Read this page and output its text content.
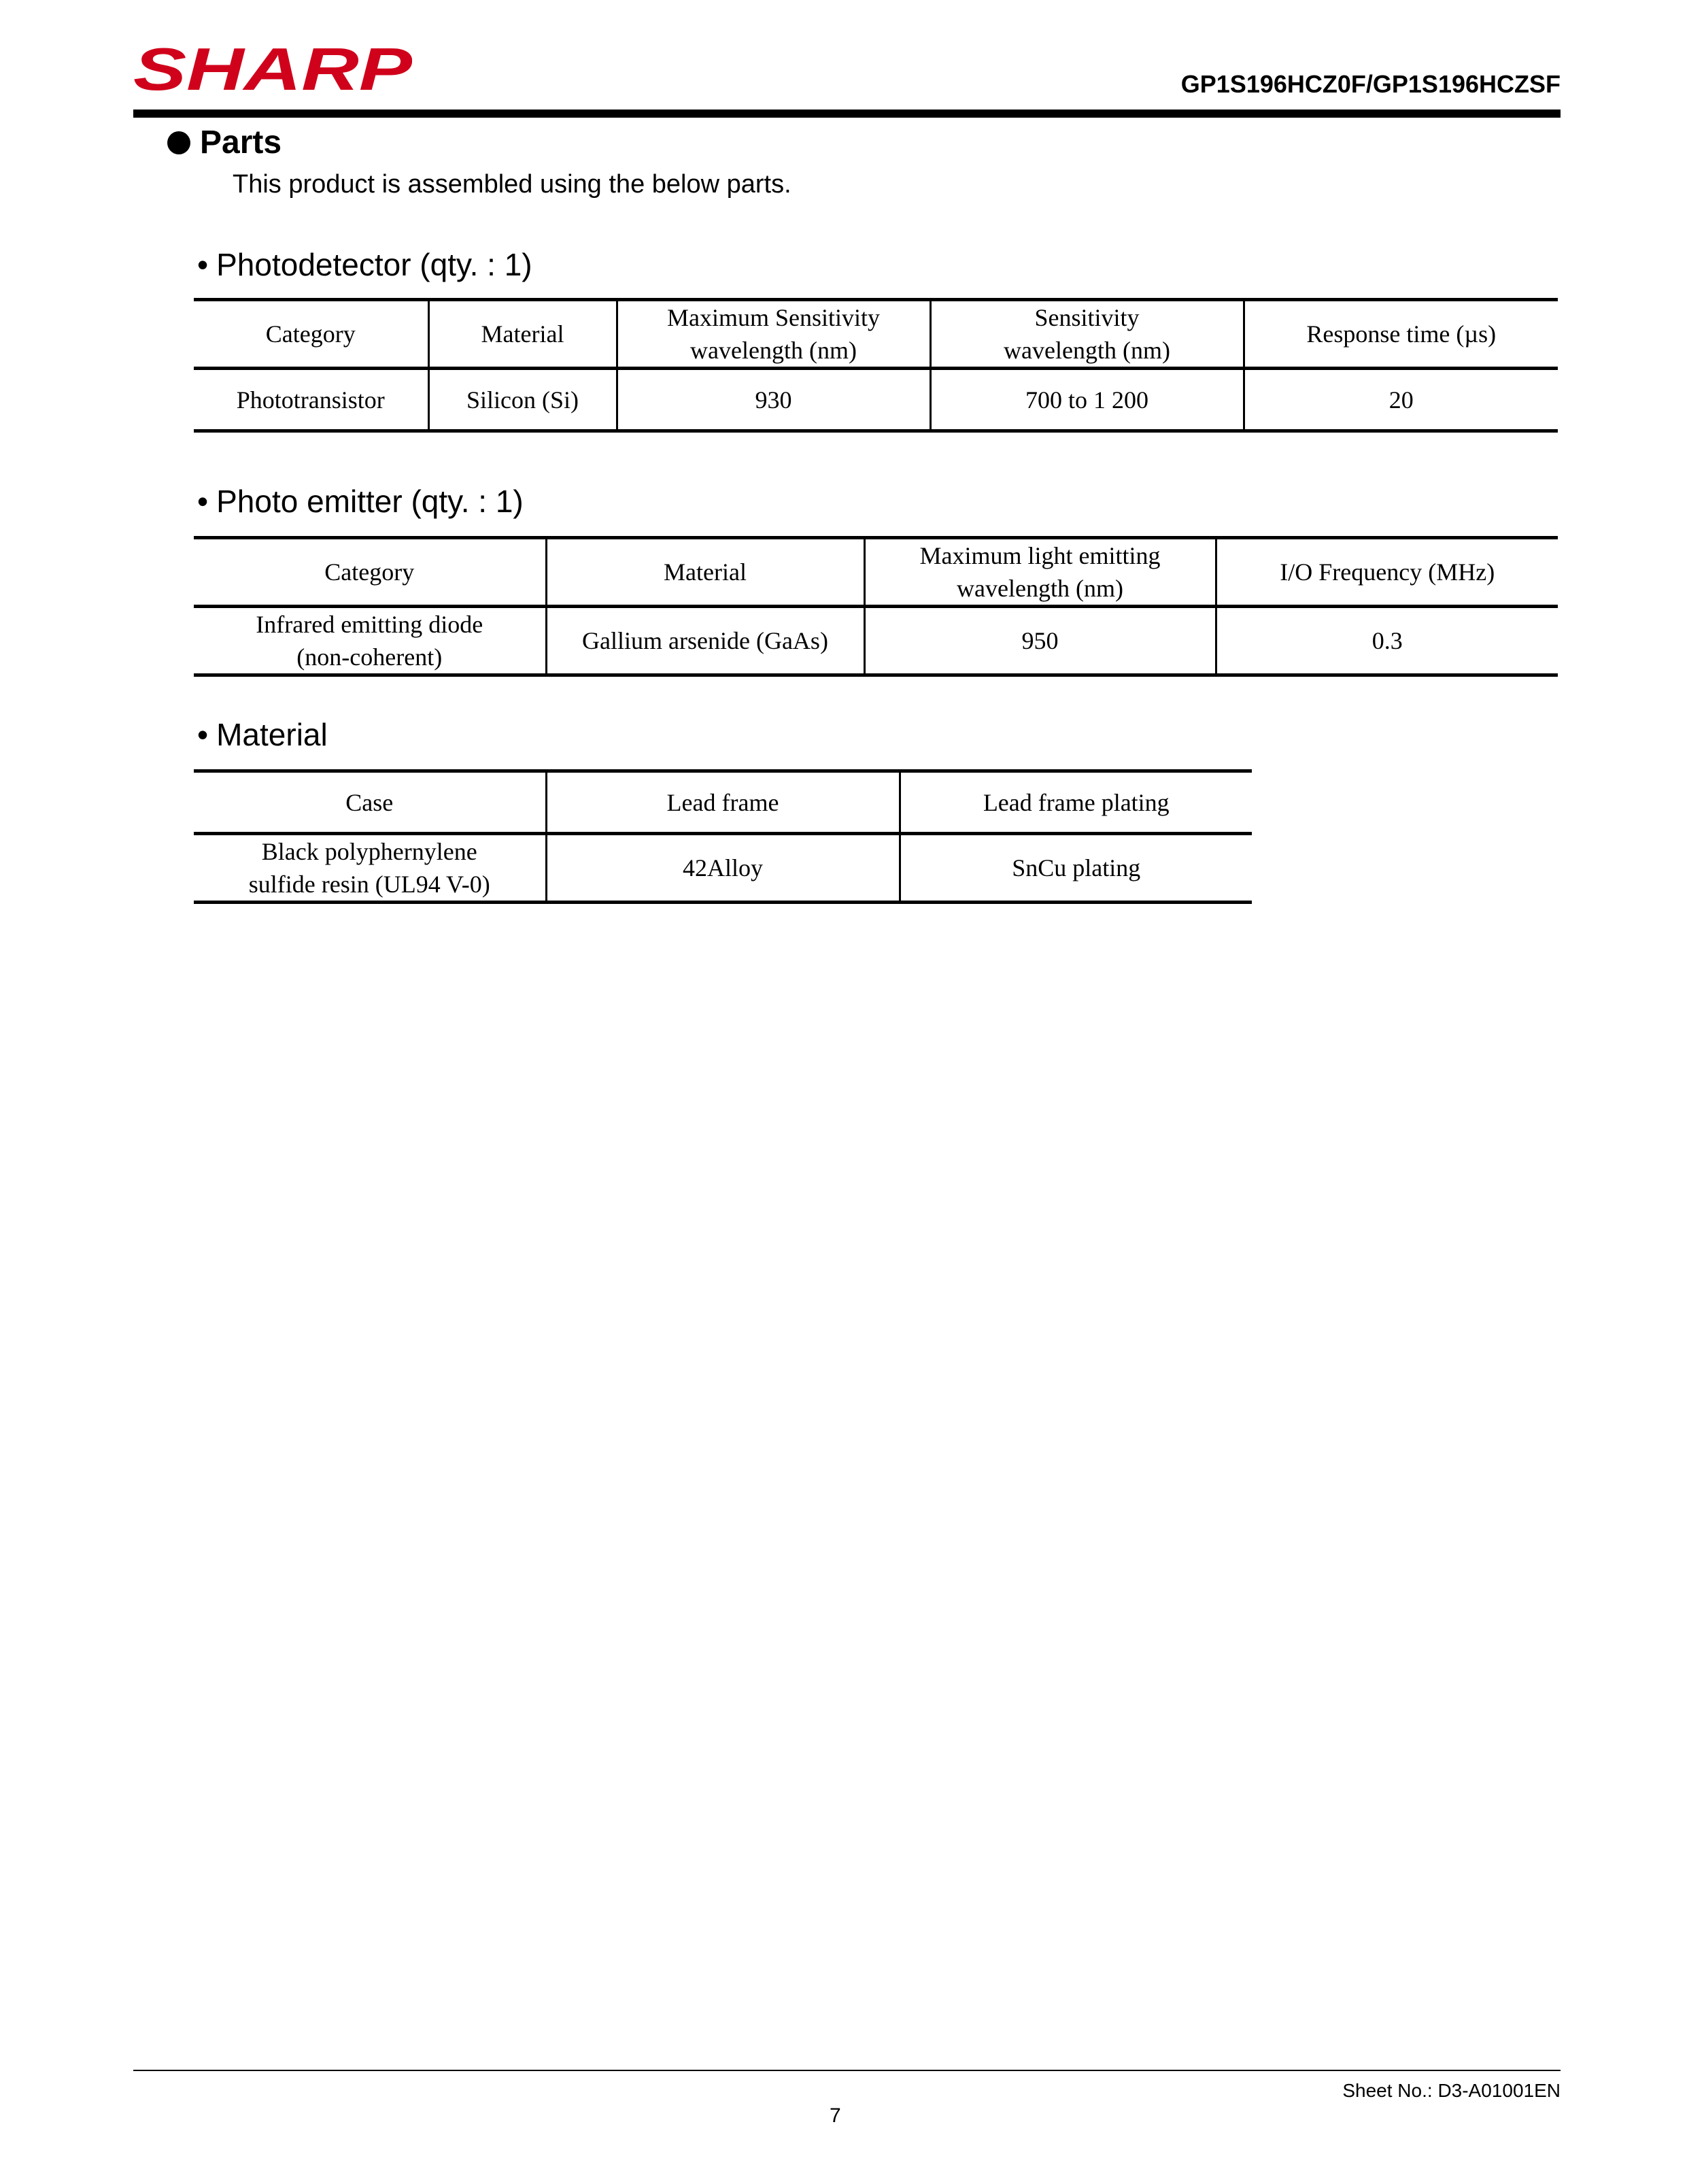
SHARP	GP1S196HCZ0F/GP1S196HCZSF
Parts
This product is assembled using the below parts.
• Photodetector (qty. : 1)
Category	Material	Maximum Sensitivity wavelength (nm)	Sensitivity wavelength (nm)	Response time (µs)
Phototransistor	Silicon (Si)	930	700 to 1 200	20
• Photo emitter (qty. : 1)
Category	Material	Maximum light emitting wavelength (nm)	I/O Frequency (MHz)
Infrared emitting diode (non-coherent)	Gallium arsenide (GaAs)	950	0.3
• Material
Case	Lead frame	Lead frame plating
Black polyphernylene sulfide resin (UL94 V-0)	42Alloy	SnCu plating
Sheet No.: D3-A01001EN
7
